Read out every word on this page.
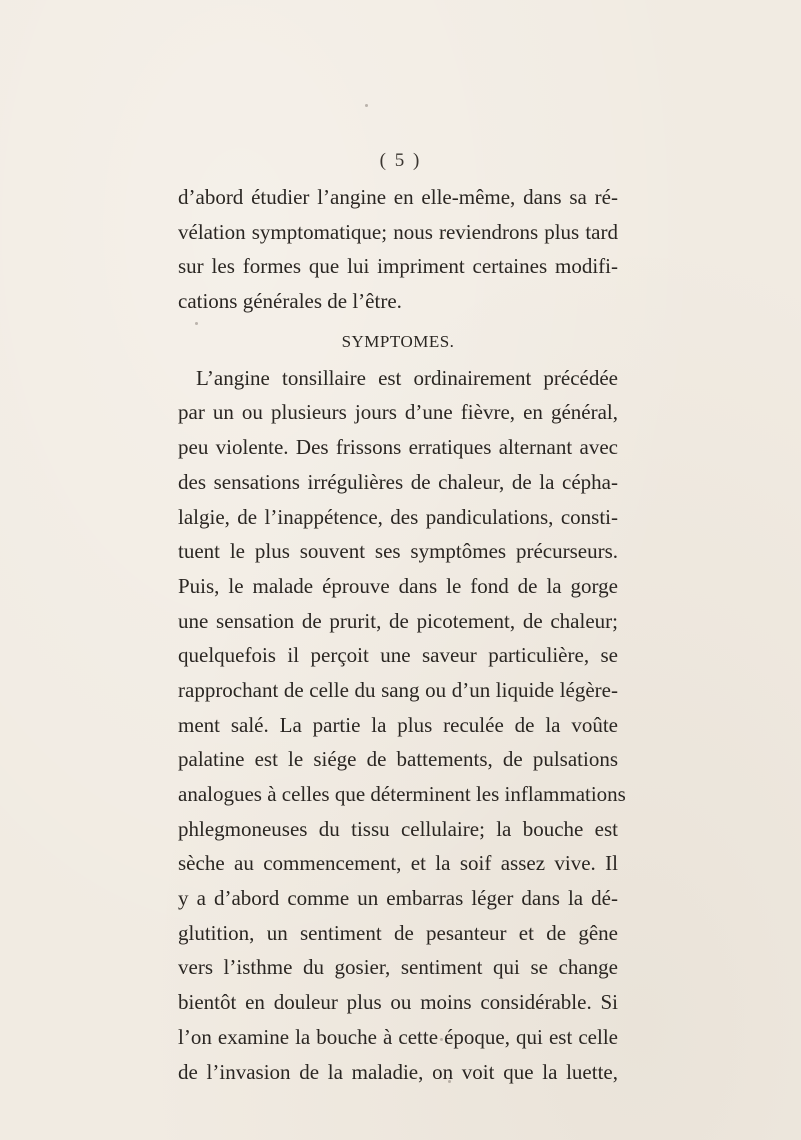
( 5 )
d’abord étudier l’angine en elle-même, dans sa ré-
vélation symptomatique; nous reviendrons plus tard
sur les formes que lui impriment certaines modifi-
cations générales de l’être.
SYMPTOMES.
L’angine tonsillaire est ordinairement précédée
par un ou plusieurs jours d’une fièvre, en général,
peu violente. Des frissons erratiques alternant avec
des sensations irrégulières de chaleur, de la cépha-
lalgie, de l’inappétence, des pandiculations, consti-
tuent le plus souvent ses symptômes précurseurs.
Puis, le malade éprouve dans le fond de la gorge
une sensation de prurit, de picotement, de chaleur;
quelquefois il perçoit une saveur particulière, se
rapprochant de celle du sang ou d’un liquide légère-
ment salé. La partie la plus reculée de la voûte
palatine est le siége de battements, de pulsations
analogues à celles que déterminent les inflammations
phlegmoneuses du tissu cellulaire; la bouche est
sèche au commencement, et la soif assez vive. Il
y a d’abord comme un embarras léger dans la dé-
glutition, un sentiment de pesanteur et de gêne
vers l’isthme du gosier, sentiment qui se change
bientôt en douleur plus ou moins considérable. Si
l’on examine la bouche à cette époque, qui est celle
de l’invasion de la maladie, on voit que la luette,
